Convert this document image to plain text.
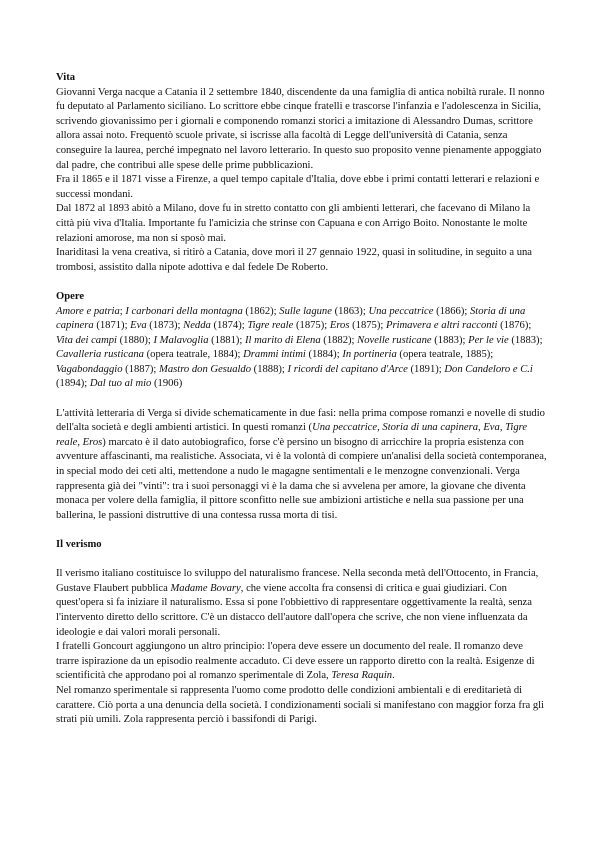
Vita

Giovanni Verga nacque a Catania il 2 settembre 1840, discendente da una famiglia di antica nobiltà rurale. Il nonno fu deputato al Parlamento siciliano. Lo scrittore ebbe cinque fratelli e trascorse l'infanzia e l'adolescenza in Sicilia, scrivendo giovanissimo per i giornali e componendo romanzi storici a imitazione di Alessandro Dumas, scrittore allora assai noto. Frequentò scuole private, si iscrisse alla facoltà di Legge dell'università di Catania, senza conseguire la laurea, perché impegnato nel lavoro letterario. In questo suo proposito venne pienamente appoggiato dal padre, che contribuì alle spese delle prime pubblicazioni.

Fra il 1865 e il 1871 visse a Firenze, a quel tempo capitale d'Italia, dove ebbe i primi contatti letterari e relazioni e successi mondani.

Dal 1872 al 1893 abitò a Milano, dove fu in stretto contatto con gli ambienti letterari, che facevano di Milano la città più viva d'Italia. Importante fu l'amicizia che strinse con Capuana e con Arrigo Boito. Nonostante le molte relazioni amorose, ma non si sposò mai.

Inariditasi la vena creativa, si ritirò a Catania, dove morì il 27 gennaio 1922, quasi in solitudine, in seguito a una trombosi, assistito dalla nipote adottiva e dal fedele De Roberto.

Opere

Amore e patria; I carbonari della montagna (1862); Sulle lagune (1863); Una peccatrice (1866); Storia di una capinera (1871); Eva (1873); Nedda (1874); Tigre reale (1875); Eros (1875); Primavera e altri racconti (1876); Vita dei campi (1880); I Malavoglia (1881); Il marito di Elena (1882); Novelle rusticane (1883); Per le vie (1883); Cavalleria rusticana (opera teatrale, 1884); Drammi intimi (1884); In portineria (opera teatrale, 1885); Vagabondaggio (1887); Mastro don Gesualdo (1888); I ricordi del capitano d'Arce (1891); Don Candeloro e C.i (1894); Dal tuo al mio (1906)

L'attività letteraria di Verga si divide schematicamente in due fasi: nella prima compose romanzi e novelle di studio dell'alta società e degli ambienti artistici. In questi romanzi (Una peccatrice, Storia di una capinera, Eva, Tigre reale, Eros) marcato è il dato autobiografico, forse c'è persino un bisogno di arricchire la propria esistenza con avventure affascinanti, ma realistiche. Associata, vi è la volontà di compiere un'analisi della società contemporanea, in special modo dei ceti alti, mettendone a nudo le magagne sentimentali e le menzogne convenzionali. Verga rappresenta già dei "vinti": tra i suoi personaggi vi è la dama che si avvelena per amore, la giovane che diventa monaca per volere della famiglia, il pittore sconfitto nelle sue ambizioni artistiche e nella sua passione per una ballerina, le passioni distruttive di una contessa russa morta di tisi.

Il verismo

Il verismo italiano costituisce lo sviluppo del naturalismo francese. Nella seconda metà dell'Ottocento, in Francia, Gustave Flaubert pubblica Madame Bovary, che viene accolta fra consensi di critica e guai giudiziari. Con quest'opera si fa iniziare il naturalismo. Essa si pone l'obbiettivo di rappresentare oggettivamente la realtà, senza l'intervento diretto dello scrittore. C'è un distacco dell'autore dall'opera che scrive, che non viene influenzata da ideologie e dai valori morali personali.

I fratelli Goncourt aggiungono un altro principio: l'opera deve essere un documento del reale. Il romanzo deve trarre ispirazione da un episodio realmente accaduto. Ci deve essere un rapporto diretto con la realtà. Esigenze di scientificità che approdano poi al romanzo sperimentale di Zola, Teresa Raquin.

Nel romanzo sperimentale si rappresenta l'uomo come prodotto delle condizioni ambientali e di ereditarietà di carattere. Ciò porta a una denuncia della società. I condizionamenti sociali si manifestano con maggior forza fra gli strati più umili. Zola rappresenta perciò i bassifondi di Parigi.
